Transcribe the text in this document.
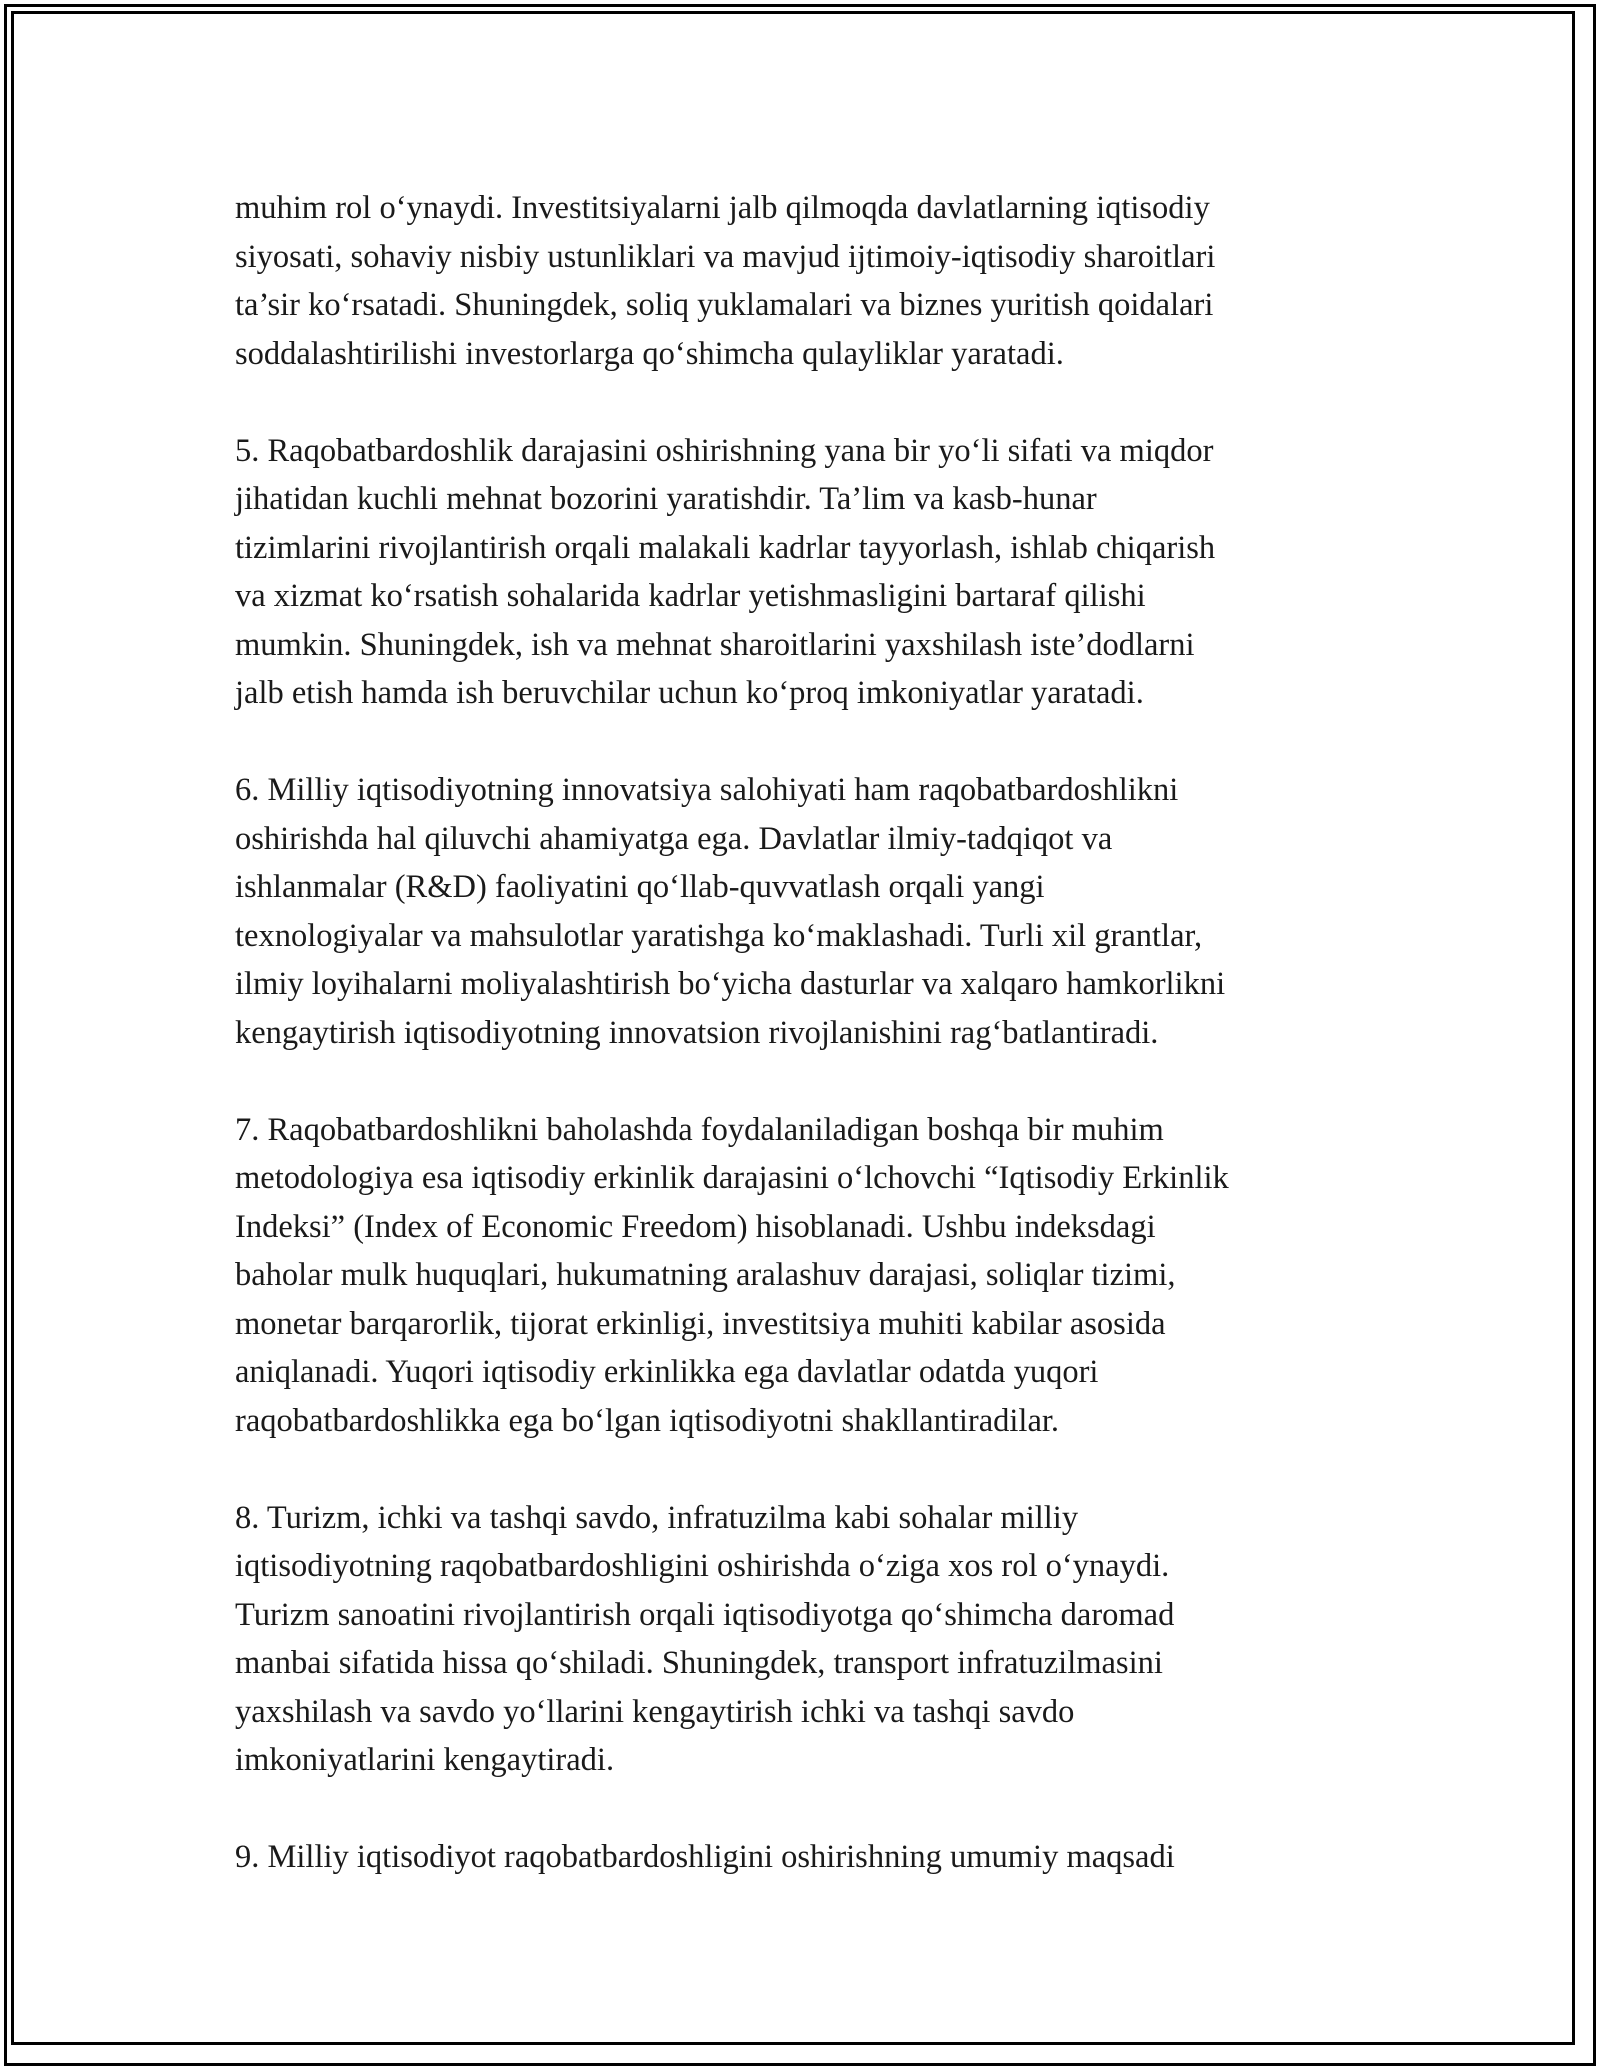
muhim rol o‘ynaydi. Investitsiyalarni jalb qilmoqda davlatlarning iqtisodiy
siyosati, sohaviy nisbiy ustunliklari va mavjud ijtimoiy-iqtisodiy sharoitlari
ta’sir ko‘rsatadi. Shuningdek, soliq yuklamalari va biznes yuritish qoidalari
soddalashtirilishi investorlarga qo‘shimcha qulayliklar yaratadi.
5. Raqobatbardoshlik darajasini oshirishning yana bir yo‘li sifati va miqdor
jihatidan kuchli mehnat bozorini yaratishdir. Ta’lim va kasb-hunar
tizimlarini rivojlantirish orqali malakali kadrlar tayyorlash, ishlab chiqarish
va xizmat ko‘rsatish sohalarida kadrlar yetishmasligini bartaraf qilishi
mumkin. Shuningdek, ish va mehnat sharoitlarini yaxshilash iste’dodlarni
jalb etish hamda ish beruvchilar uchun ko‘proq imkoniyatlar yaratadi.
6. Milliy iqtisodiyotning innovatsiya salohiyati ham raqobatbardoshlikni
oshirishda hal qiluvchi ahamiyatga ega. Davlatlar ilmiy-tadqiqot va
ishlanmalar (R&D) faoliyatini qo‘llab-quvvatlash orqali yangi
texnologiyalar va mahsulotlar yaratishga ko‘maklashadi. Turli xil grantlar,
ilmiy loyihalarni moliyalashtirish bo‘yicha dasturlar va xalqaro hamkorlikni
kengaytirish iqtisodiyotning innovatsion rivojlanishini rag‘batlantiradi.
7. Raqobatbardoshlikni baholashda foydalaniladigan boshqa bir muhim
metodologiya esa iqtisodiy erkinlik darajasini o‘lchovchi “Iqtisodiy Erkinlik
Indeksi” (Index of Economic Freedom) hisoblanadi. Ushbu indeksdagi
baholar mulk huquqlari, hukumatning aralashuv darajasi, soliqlar tizimi,
monetar barqarorlik, tijorat erkinligi, investitsiya muhiti kabilar asosida
aniqlanadi. Yuqori iqtisodiy erkinlikka ega davlatlar odatda yuqori
raqobatbardoshlikka ega bo‘lgan iqtisodiyotni shakllantiradilar.
8. Turizm, ichki va tashqi savdo, infratuzilma kabi sohalar milliy
iqtisodiyotning raqobatbardoshligini oshirishda o‘ziga xos rol o‘ynaydi.
Turizm sanoatini rivojlantirish orqali iqtisodiyotga qo‘shimcha daromad
manbai sifatida hissa qo‘shiladi. Shuningdek, transport infratuzilmasini
yaxshilash va savdo yo‘llarini kengaytirish ichki va tashqi savdo
imkoniyatlarini kengaytiradi.
9. Milliy iqtisodiyot raqobatbardoshligini oshirishning umumiy maqsadi
